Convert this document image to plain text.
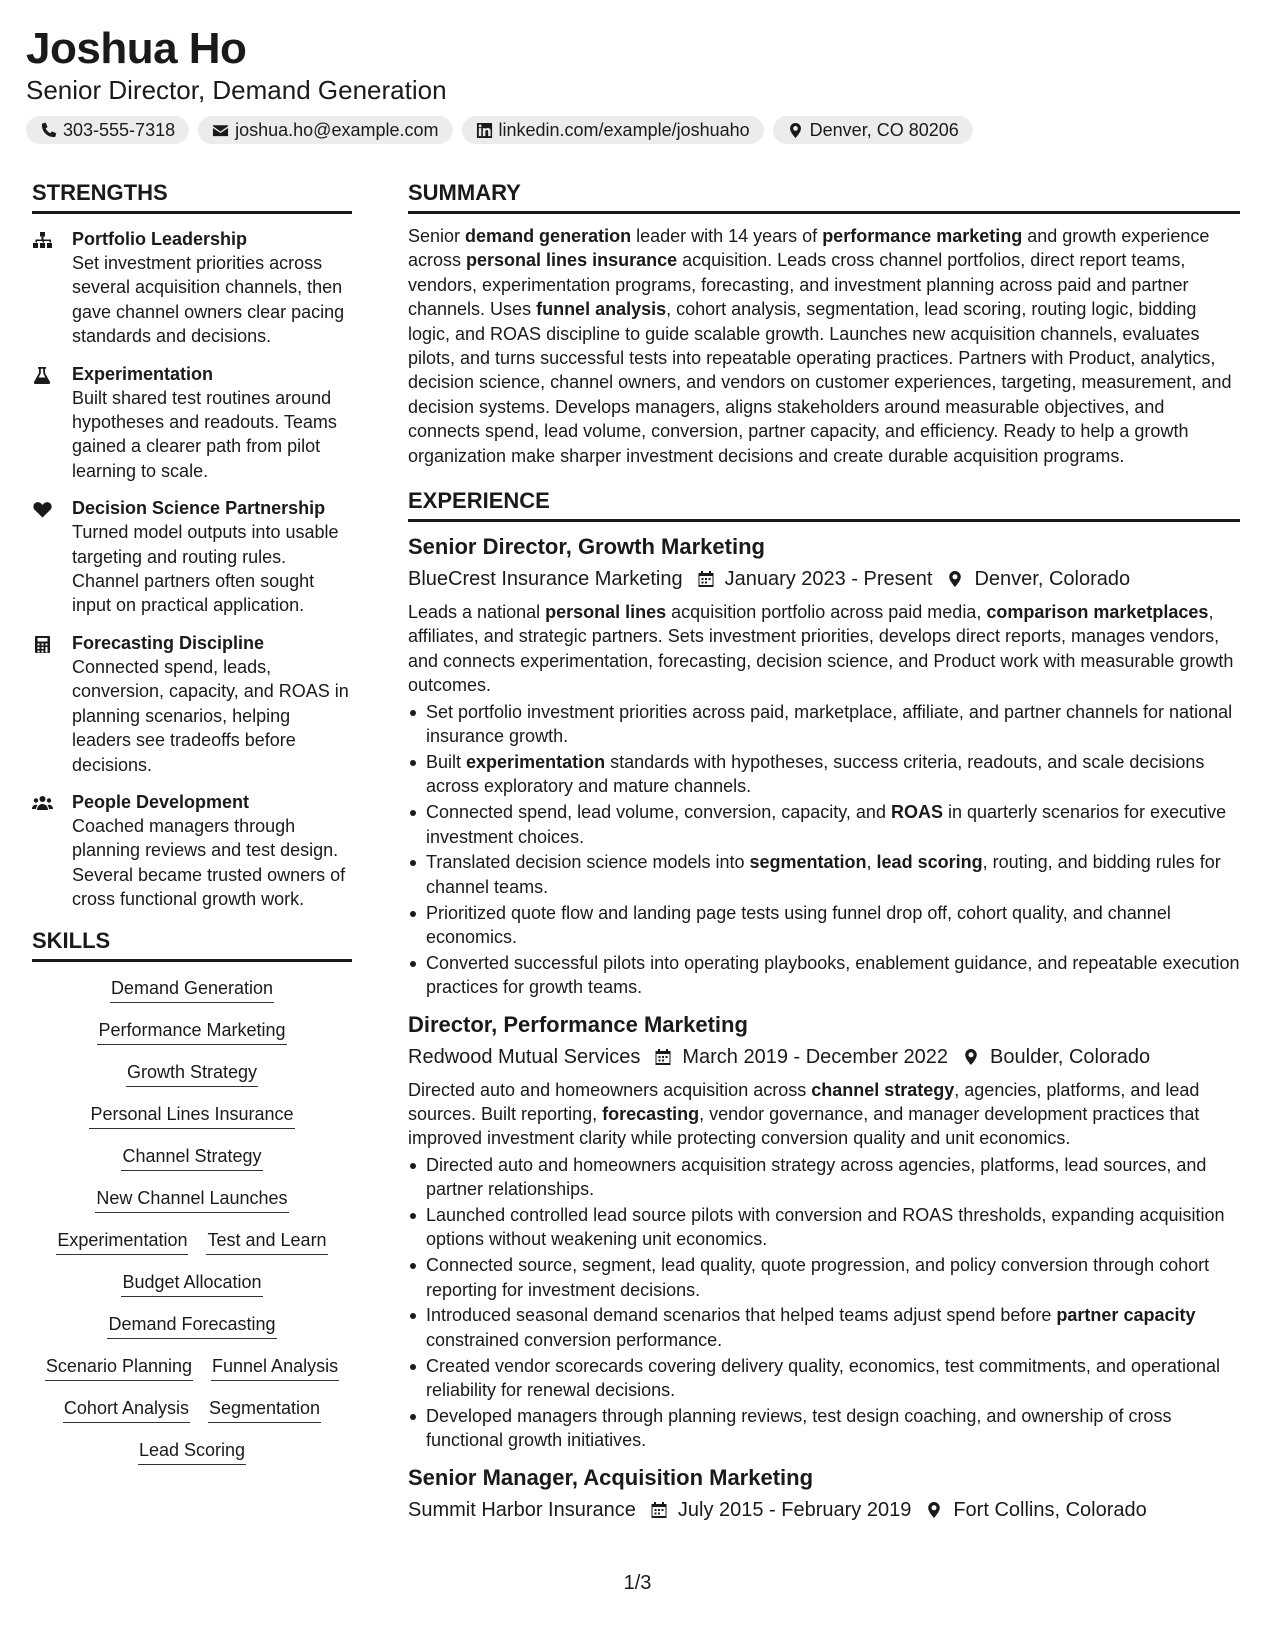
Joshua Ho
Senior Director, Demand Generation
303-555-7318	joshua.ho@example.com	linkedin.com/example/joshuaho	Denver, CO 80206
STRENGTHS
Portfolio Leadership
Set investment priorities across several acquisition channels, then gave channel owners clear pacing standards and decisions.
Experimentation
Built shared test routines around hypotheses and readouts. Teams gained a clearer path from pilot learning to scale.
Decision Science Partnership
Turned model outputs into usable targeting and routing rules. Channel partners often sought input on practical application.
Forecasting Discipline
Connected spend, leads, conversion, capacity, and ROAS in planning scenarios, helping leaders see tradeoffs before decisions.
People Development
Coached managers through planning reviews and test design. Several became trusted owners of cross functional growth work.
SKILLS
Demand Generation
Performance Marketing
Growth Strategy
Personal Lines Insurance
Channel Strategy
New Channel Launches
Experimentation Test and Learn
Budget Allocation
Demand Forecasting
Scenario Planning Funnel Analysis
Cohort Analysis Segmentation
Lead Scoring
SUMMARY
Senior demand generation leader with 14 years of performance marketing and growth experience across personal lines insurance acquisition. Leads cross channel portfolios, direct report teams, vendors, experimentation programs, forecasting, and investment planning across paid and partner channels. Uses funnel analysis, cohort analysis, segmentation, lead scoring, routing logic, bidding logic, and ROAS discipline to guide scalable growth. Launches new acquisition channels, evaluates pilots, and turns successful tests into repeatable operating practices. Partners with Product, analytics, decision science, channel owners, and vendors on customer experiences, targeting, measurement, and decision systems. Develops managers, aligns stakeholders around measurable objectives, and connects spend, lead volume, conversion, partner capacity, and efficiency. Ready to help a growth organization make sharper investment decisions and create durable acquisition programs.
EXPERIENCE
Senior Director, Growth Marketing
BlueCrest Insurance Marketing January 2023 - Present Denver, Colorado
Leads a national personal lines acquisition portfolio across paid media, comparison marketplaces, affiliates, and strategic partners. Sets investment priorities, develops direct reports, manages vendors, and connects experimentation, forecasting, decision science, and Product work with measurable growth outcomes.
Set portfolio investment priorities across paid, marketplace, affiliate, and partner channels for national insurance growth.
Built experimentation standards with hypotheses, success criteria, readouts, and scale decisions across exploratory and mature channels.
Connected spend, lead volume, conversion, capacity, and ROAS in quarterly scenarios for executive investment choices.
Translated decision science models into segmentation, lead scoring, routing, and bidding rules for channel teams.
Prioritized quote flow and landing page tests using funnel drop off, cohort quality, and channel economics.
Converted successful pilots into operating playbooks, enablement guidance, and repeatable execution practices for growth teams.
Director, Performance Marketing
Redwood Mutual Services March 2019 - December 2022 Boulder, Colorado
Directed auto and homeowners acquisition across channel strategy, agencies, platforms, and lead sources. Built reporting, forecasting, vendor governance, and manager development practices that improved investment clarity while protecting conversion quality and unit economics.
Directed auto and homeowners acquisition strategy across agencies, platforms, lead sources, and partner relationships.
Launched controlled lead source pilots with conversion and ROAS thresholds, expanding acquisition options without weakening unit economics.
Connected source, segment, lead quality, quote progression, and policy conversion through cohort reporting for investment decisions.
Introduced seasonal demand scenarios that helped teams adjust spend before partner capacity constrained conversion performance.
Created vendor scorecards covering delivery quality, economics, test commitments, and operational reliability for renewal decisions.
Developed managers through planning reviews, test design coaching, and ownership of cross functional growth initiatives.
Senior Manager, Acquisition Marketing
Summit Harbor Insurance July 2015 - February 2019 Fort Collins, Colorado
1/3
